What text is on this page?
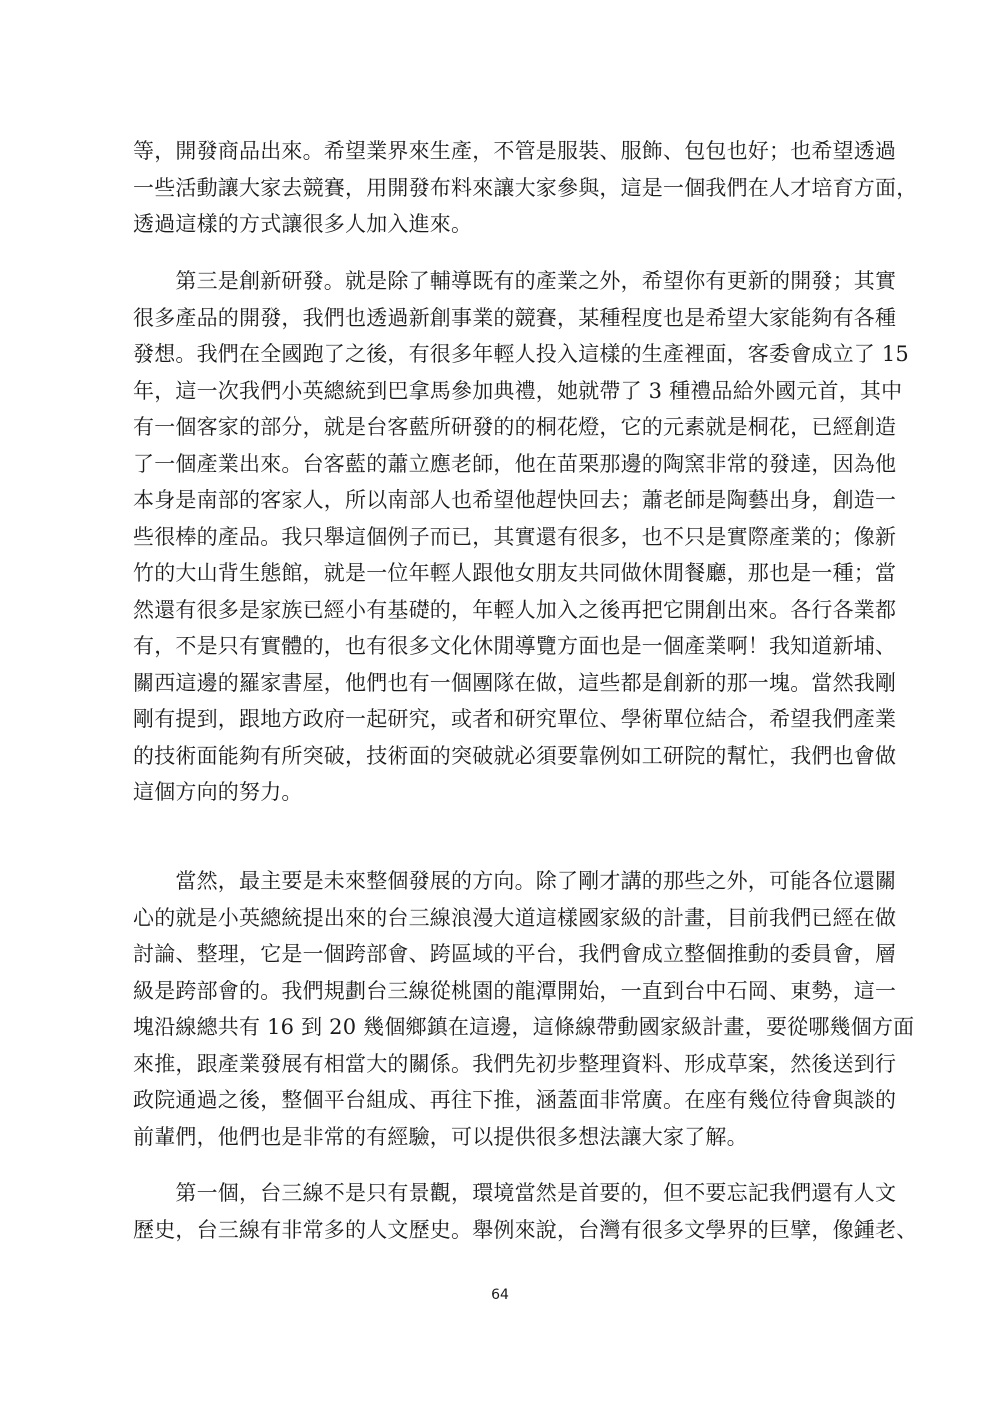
等，開發商品出來。希望業界來生產，不管是服裝、服飾、包包也好；也希望透過
一些活動讓大家去競賽，用開發布料來讓大家參與，這是一個我們在人才培育方面，
透過這樣的方式讓很多人加入進來。
　　第三是創新研發。就是除了輔導既有的產業之外，希望你有更新的開發；其實
很多產品的開發，我們也透過新創事業的競賽，某種程度也是希望大家能夠有各種
發想。我們在全國跑了之後，有很多年輕人投入這樣的生產裡面，客委會成立了 15
年，這一次我們小英總統到巴拿馬參加典禮，她就帶了 3 種禮品給外國元首，其中
有一個客家的部分，就是台客藍所研發的的桐花燈，它的元素就是桐花，已經創造
了一個產業出來。台客藍的蕭立應老師，他在苗栗那邊的陶窯非常的發達，因為他
本身是南部的客家人，所以南部人也希望他趕快回去；蕭老師是陶藝出身，創造一
些很棒的產品。我只舉這個例子而已，其實還有很多，也不只是實際產業的；像新
竹的大山背生態館，就是一位年輕人跟他女朋友共同做休閒餐廳，那也是一種；當
然還有很多是家族已經小有基礎的，年輕人加入之後再把它開創出來。各行各業都
有，不是只有實體的，也有很多文化休閒導覽方面也是一個產業啊！我知道新埔、
關西這邊的羅家書屋，他們也有一個團隊在做，這些都是創新的那一塊。當然我剛
剛有提到，跟地方政府一起研究，或者和研究單位、學術單位結合，希望我們產業
的技術面能夠有所突破，技術面的突破就必須要靠例如工研院的幫忙，我們也會做
這個方向的努力。
　　當然，最主要是未來整個發展的方向。除了剛才講的那些之外，可能各位還關
心的就是小英總統提出來的台三線浪漫大道這樣國家級的計畫，目前我們已經在做
討論、整理，它是一個跨部會、跨區域的平台，我們會成立整個推動的委員會，層
級是跨部會的。我們規劃台三線從桃園的龍潭開始，一直到台中石岡、東勢，這一
塊沿線總共有 16 到 20 幾個鄉鎮在這邊，這條線帶動國家級計畫，要從哪幾個方面
來推，跟產業發展有相當大的關係。我們先初步整理資料、形成草案，然後送到行
政院通過之後，整個平台組成、再往下推，涵蓋面非常廣。在座有幾位待會與談的
前輩們，他們也是非常的有經驗，可以提供很多想法讓大家了解。
　　第一個，台三線不是只有景觀，環境當然是首要的，但不要忘記我們還有人文
歷史，台三線有非常多的人文歷史。舉例來說，台灣有很多文學界的巨擘，像鍾老、
64
